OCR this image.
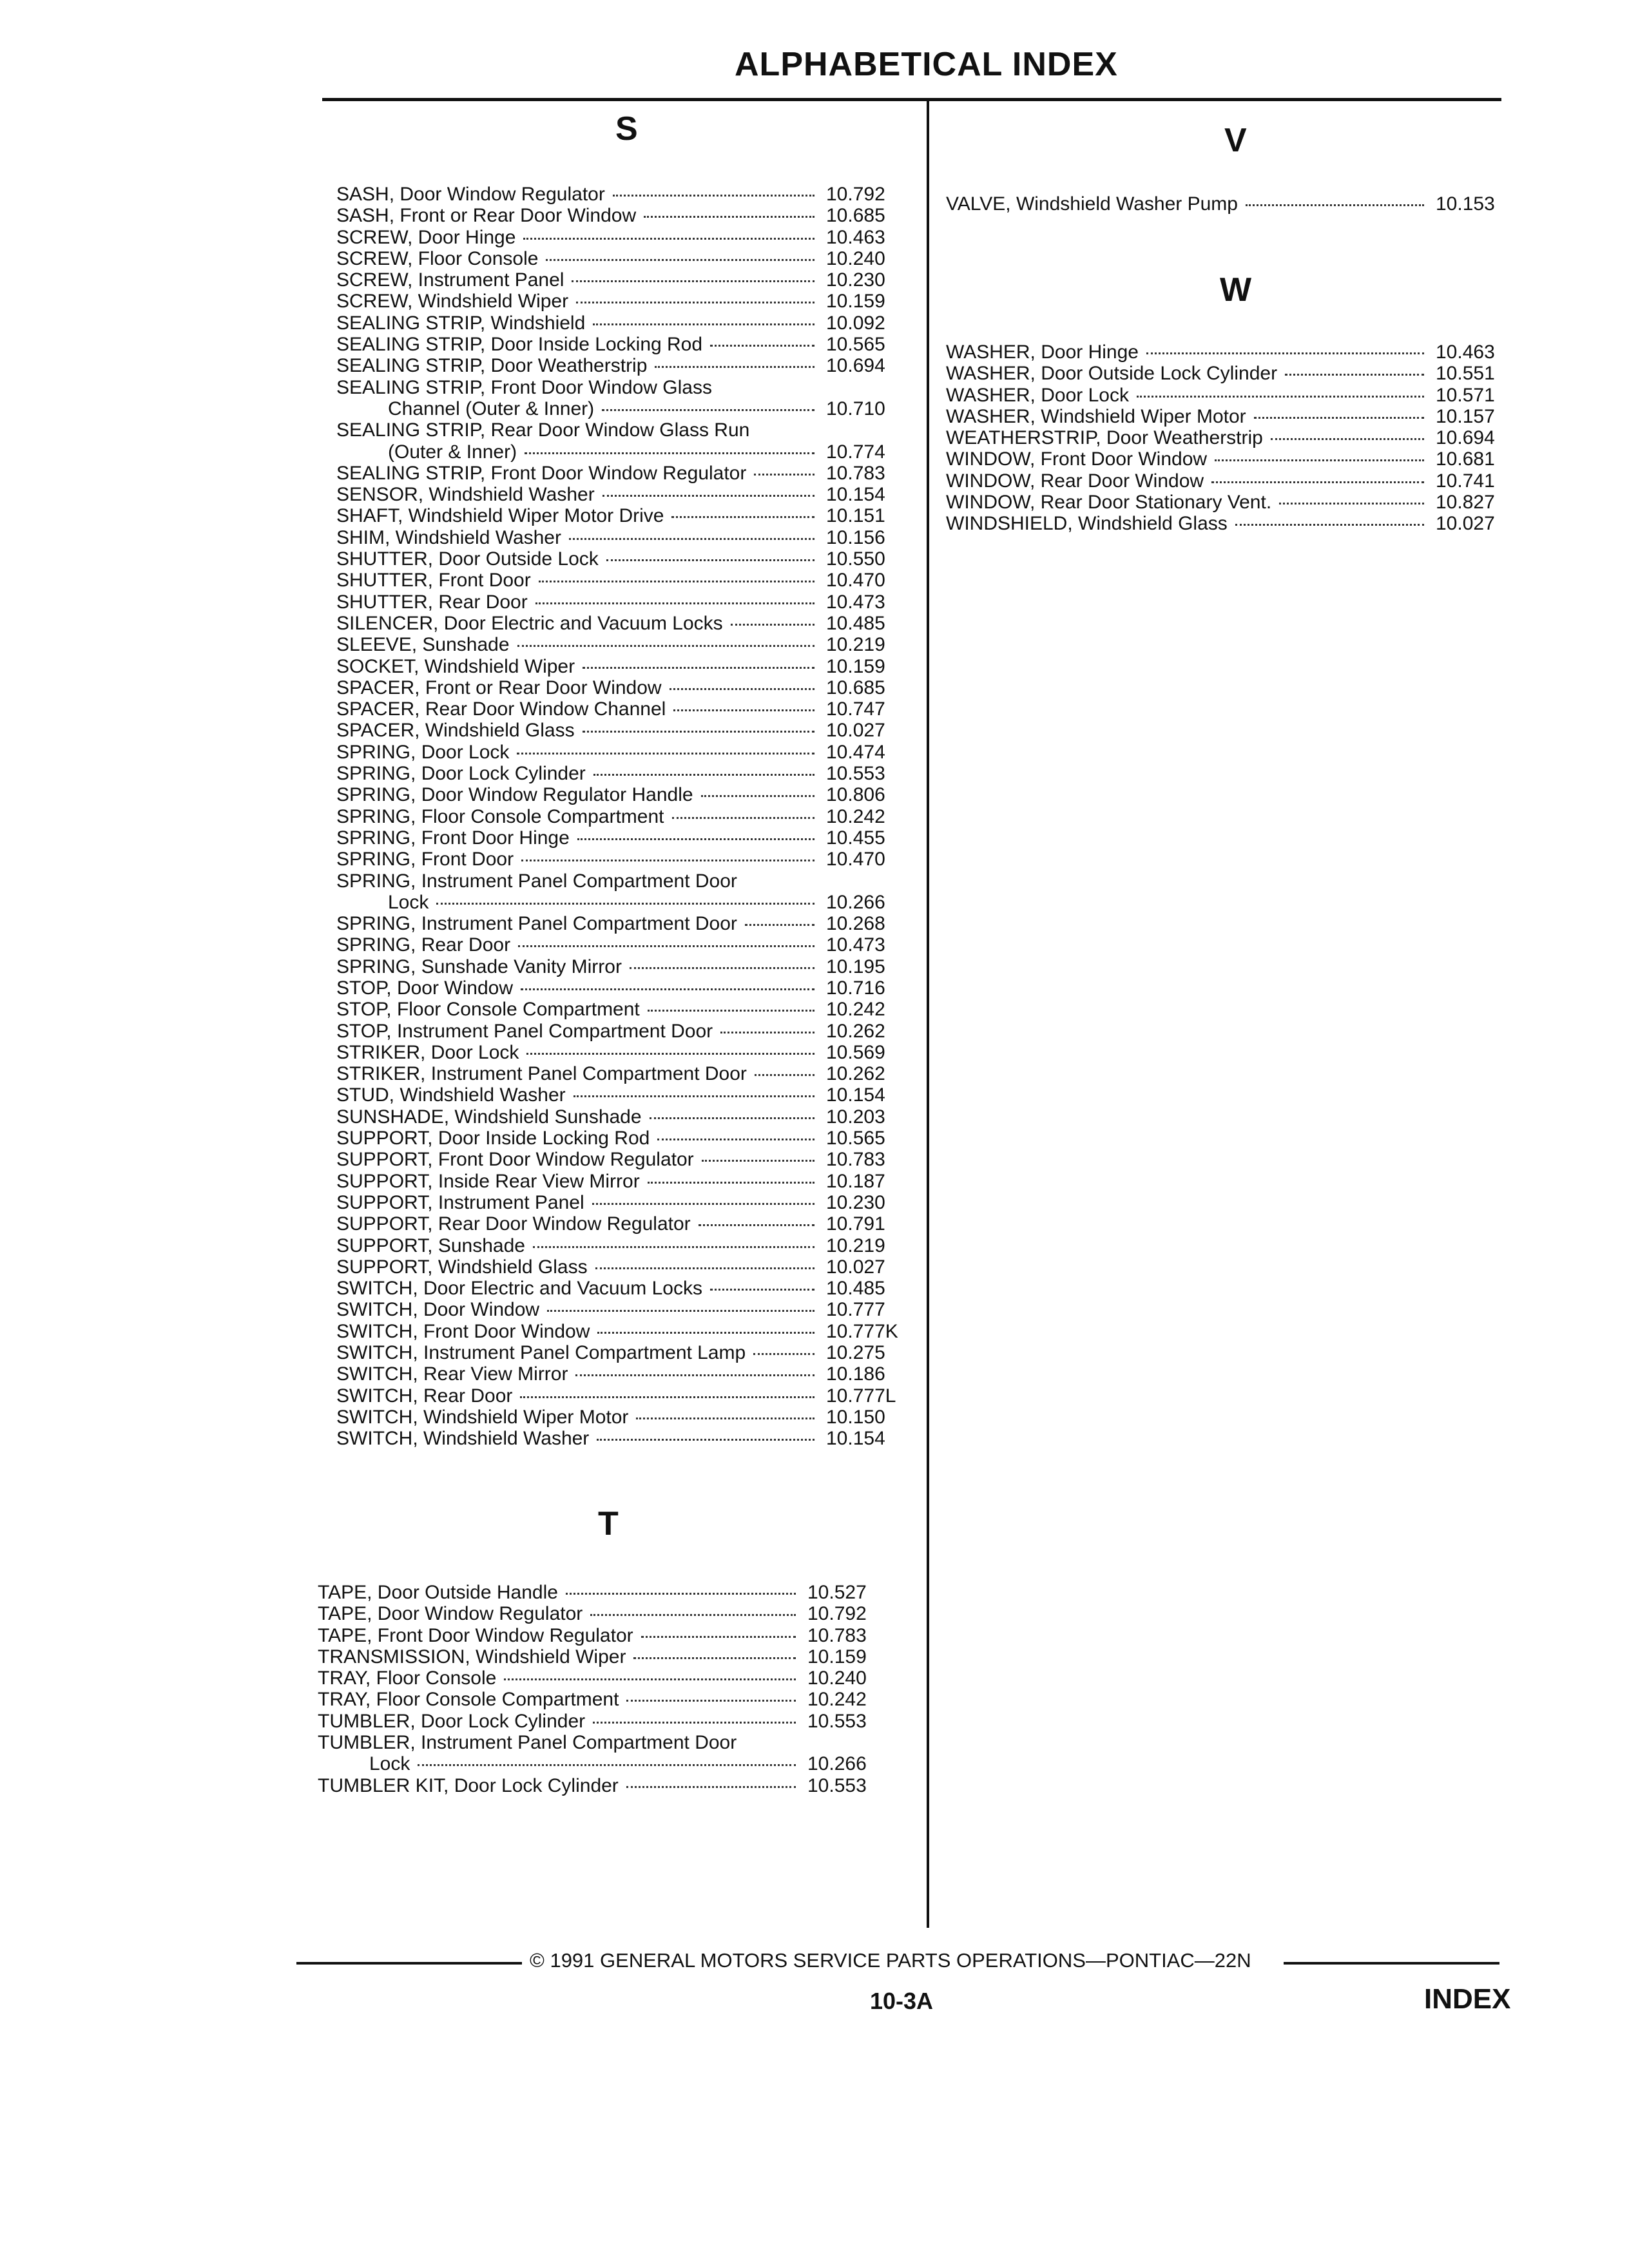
ALPHABETICAL INDEX
S
SASH, Door Window Regulator	10.792
SASH, Front or Rear Door Window	10.685
SCREW, Door Hinge	10.463
SCREW, Floor Console	10.240
SCREW, Instrument Panel	10.230
SCREW, Windshield Wiper	10.159
SEALING STRIP, Windshield	10.092
SEALING STRIP, Door Inside Locking Rod	10.565
SEALING STRIP, Door Weatherstrip	10.694
SEALING STRIP, Front Door Window Glass
Channel (Outer & Inner)	10.710
SEALING STRIP, Rear Door Window Glass Run
(Outer & Inner)	10.774
SEALING STRIP, Front Door Window Regulator	10.783
SENSOR, Windshield Washer	10.154
SHAFT, Windshield Wiper Motor Drive	10.151
SHIM, Windshield Washer	10.156
SHUTTER, Door Outside Lock	10.550
SHUTTER, Front Door	10.470
SHUTTER, Rear Door	10.473
SILENCER, Door Electric and Vacuum Locks	10.485
SLEEVE, Sunshade	10.219
SOCKET, Windshield Wiper	10.159
SPACER, Front or Rear Door Window	10.685
SPACER, Rear Door Window Channel	10.747
SPACER, Windshield Glass	10.027
SPRING, Door Lock	10.474
SPRING, Door Lock Cylinder	10.553
SPRING, Door Window Regulator Handle	10.806
SPRING, Floor Console Compartment	10.242
SPRING, Front Door Hinge	10.455
SPRING, Front Door	10.470
SPRING, Instrument Panel Compartment Door
Lock	10.266
SPRING, Instrument Panel Compartment Door	10.268
SPRING, Rear Door	10.473
SPRING, Sunshade Vanity Mirror	10.195
STOP, Door Window	10.716
STOP, Floor Console Compartment	10.242
STOP, Instrument Panel Compartment Door	10.262
STRIKER, Door Lock	10.569
STRIKER, Instrument Panel Compartment Door	10.262
STUD, Windshield Washer	10.154
SUNSHADE, Windshield Sunshade	10.203
SUPPORT, Door Inside Locking Rod	10.565
SUPPORT, Front Door Window Regulator	10.783
SUPPORT, Inside Rear View Mirror	10.187
SUPPORT, Instrument Panel	10.230
SUPPORT, Rear Door Window Regulator	10.791
SUPPORT, Sunshade	10.219
SUPPORT, Windshield Glass	10.027
SWITCH, Door Electric and Vacuum Locks	10.485
SWITCH, Door Window	10.777
SWITCH, Front Door Window	10.777K
SWITCH, Instrument Panel Compartment Lamp	10.275
SWITCH, Rear View Mirror	10.186
SWITCH, Rear Door	10.777L
SWITCH, Windshield Wiper Motor	10.150
SWITCH, Windshield Washer	10.154
T
TAPE, Door Outside Handle	10.527
TAPE, Door Window Regulator	10.792
TAPE, Front Door Window Regulator	10.783
TRANSMISSION, Windshield Wiper	10.159
TRAY, Floor Console	10.240
TRAY, Floor Console Compartment	10.242
TUMBLER, Door Lock Cylinder	10.553
TUMBLER, Instrument Panel Compartment Door
Lock	10.266
TUMBLER KIT, Door Lock Cylinder	10.553
V
VALVE, Windshield Washer Pump	10.153
W
WASHER, Door Hinge	10.463
WASHER, Door Outside Lock Cylinder	10.551
WASHER, Door Lock	10.571
WASHER, Windshield Wiper Motor	10.157
WEATHERSTRIP, Door Weatherstrip	10.694
WINDOW, Front Door Window	10.681
WINDOW, Rear Door Window	10.741
WINDOW, Rear Door Stationary Vent.	10.827
WINDSHIELD, Windshield Glass	10.027
© 1991 GENERAL MOTORS SERVICE PARTS OPERATIONS—PONTIAC—22N
10-3A	INDEX
